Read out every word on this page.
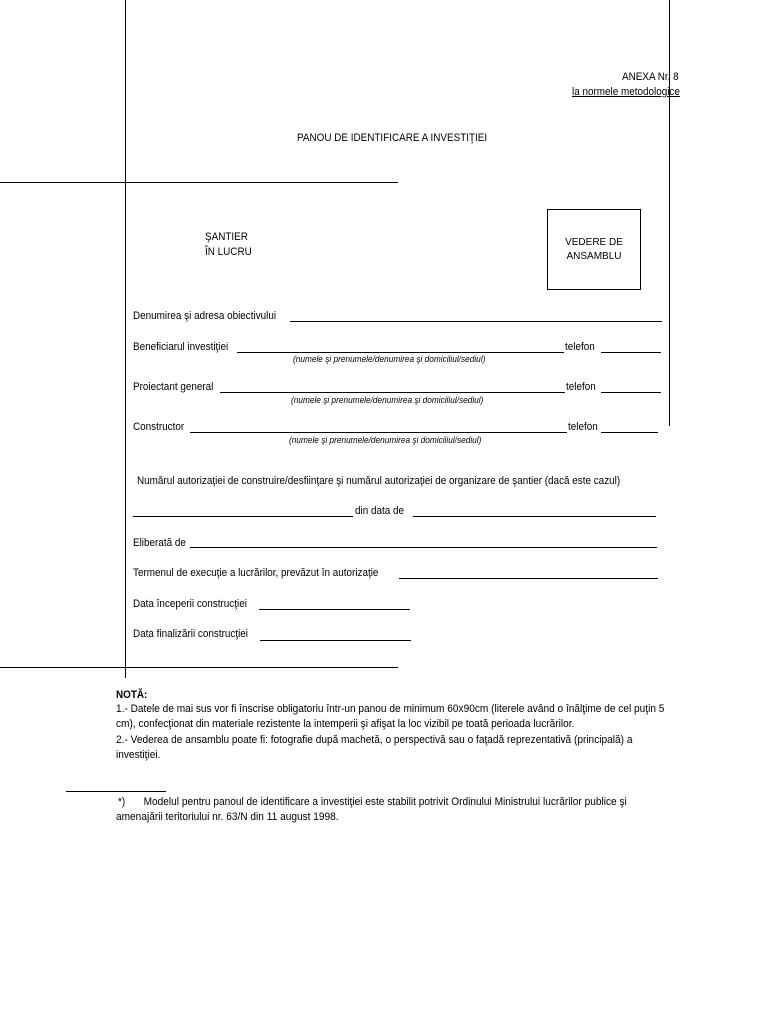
ANEXA Nr. 8
la normele metodologice
PANOU DE IDENTIFICARE A INVESTIŢIEI
ŞANTIER
ÎN LUCRU
VEDERE DE
ANSAMBLU
Denumirea şi adresa obiectivului
Beneficiarul investiţiei	telefon
(numele şi prenumele/denumirea şi domiciliul/sediul)
Proiectant general	telefon
(numele şi prenumele/denumirea şi domiciliul/sediul)
Constructor	telefon
(numele şi prenumele/denumirea şi domiciliul/sediul)
Numărul autorizaţiei de construire/desfiinţare şi numărul autorizaţiei de organizare de şantier (dacă este cazul)
din data de
Eliberată de
Termenul de execuţie a lucrărilor, prevăzut în autorizaţie
Data începerii construcţiei
Data finalizării construcţiei
NOTĂ:
1.- Datele de mai sus vor fi înscrise obligatoriu într-un panou de minimum 60x90cm (literele având o înălţime de cel puţin 5 cm), confecţionat din materiale rezistente la intemperii şi afişat la loc vizibil pe toată perioada lucrărilor.
2.- Vederea de ansamblu poate fi: fotografie după machetă, o perspectivă sau o faţadă reprezentativă (principală) a investiţiei.
*)	Modelul pentru panoul de identificare a investiţiei este stabilit potrivit Ordinului Ministrului lucrărilor publice şi amenajării teritoriului nr. 63/N din 11 august 1998.
